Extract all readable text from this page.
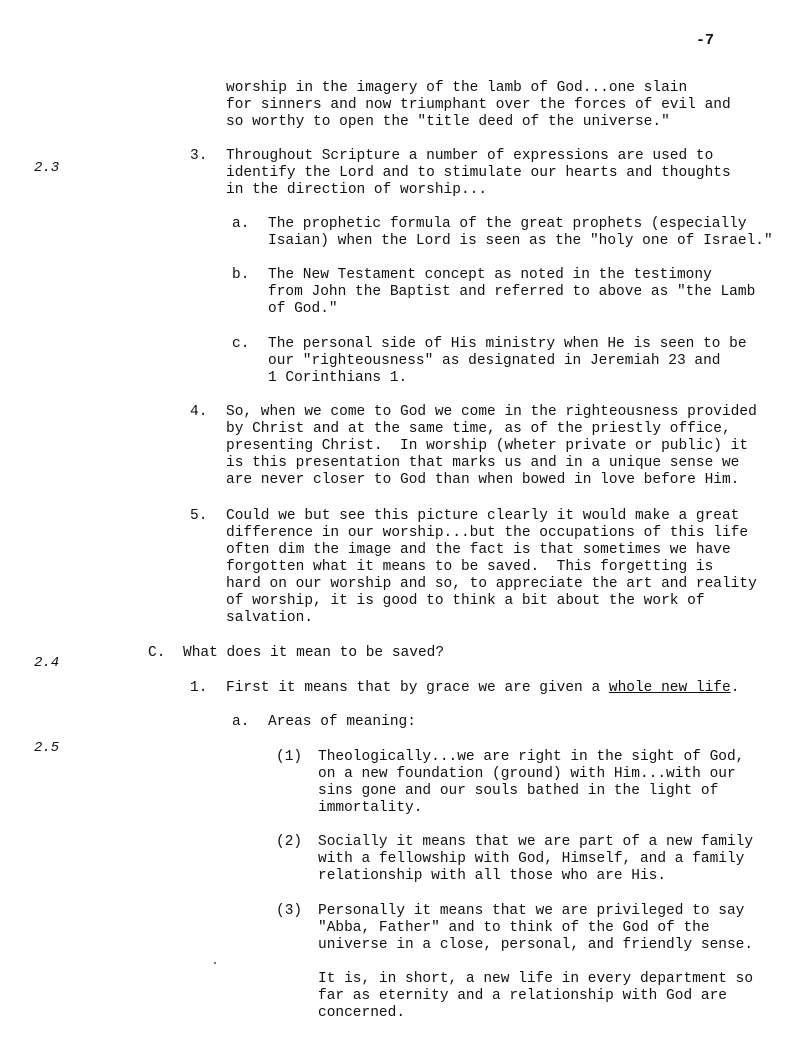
-7
2.3
2.4
2.5
worship in the imagery of the lamb of God...one slain
for sinners and now triumphant over the forces of evil and
so worthy to open the "title deed of the universe."
3. Throughout Scripture a number of expressions are used to
identify the Lord and to stimulate our hearts and thoughts
in the direction of worship...
a. The prophetic formula of the great prophets (especially
Isaian) when the Lord is seen as the "holy one of Israel."
b. The New Testament concept as noted in the testimony
from John the Baptist and referred to above as "the Lamb
of God."
c. The personal side of His ministry when He is seen to be
our "righteousness" as designated in Jeremiah 23 and
1 Corinthians 1.
4. So, when we come to God we come in the righteousness provided
by Christ and at the same time, as of the priestly office,
presenting Christ.  In worship (wheter private or public) it
is this presentation that marks us and in a unique sense we
are never closer to God than when bowed in love before Him.
5. Could we but see this picture clearly it would make a great
difference in our worship...but the occupations of this life
often dim the image and the fact is that sometimes we have
forgotten what it means to be saved.  This forgetting is
hard on our worship and so, to appreciate the art and reality
of worship, it is good to think a bit about the work of
salvation.
C. What does it mean to be saved?
1. First it means that by grace we are given a whole new life.
a. Areas of meaning:
(1) Theologically...we are right in the sight of God,
on a new foundation (ground) with Him...with our
sins gone and our souls bathed in the light of
immortality.
(2) Socially it means that we are part of a new family
with a fellowship with God, Himself, and a family
relationship with all those who are His.
(3) Personally it means that we are privileged to say
"Abba, Father" and to think of the God of the
universe in a close, personal, and friendly sense.
It is, in short, a new life in every department so
far as eternity and a relationship with God are
concerned.
